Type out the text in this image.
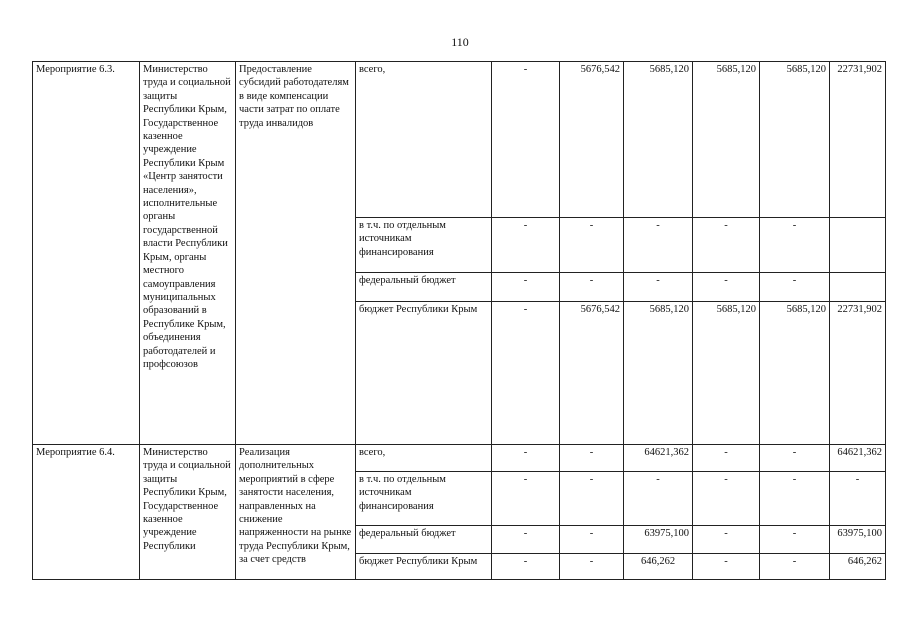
110
Мероприятие 6.3.	Министерство труда и социальной защиты Республики Крым, Государственное казенное учреждение Республики Крым «Центр занятости населения», исполнительные органы государственной власти Республики Крым, органы местного самоуправления муниципальных образований в Республике Крым, объединения работодателей и профсоюзов	Предоставление субсидий работодателям в виде компенсации части затрат по оплате труда инвалидов	всего,	-	5676,542	5685,120	5685,120	5685,120	22731,902
			в т.ч. по отдельным источникам финансирования	-	-	-	-	-	
			федеральный бюджет	-	-	-	-	-	
			бюджет Республики Крым	-	5676,542	5685,120	5685,120	5685,120	22731,902
Мероприятие 6.4.	Министерство труда и социальной защиты Республики Крым, Государственное казенное учреждение Республики	Реализация дополнительных мероприятий в сфере занятости населения, направленных на снижение напряженности на рынке труда Республики Крым, за счет средств	всего,	-	-	64621,362	-	-	64621,362
			в т.ч. по отдельным источникам финансирования	-	-	-	-	-	-
			федеральный бюджет	-	-	63975,100	-	-	63975,100
			бюджет Республики Крым	-	-	646,262	-	-	646,262
